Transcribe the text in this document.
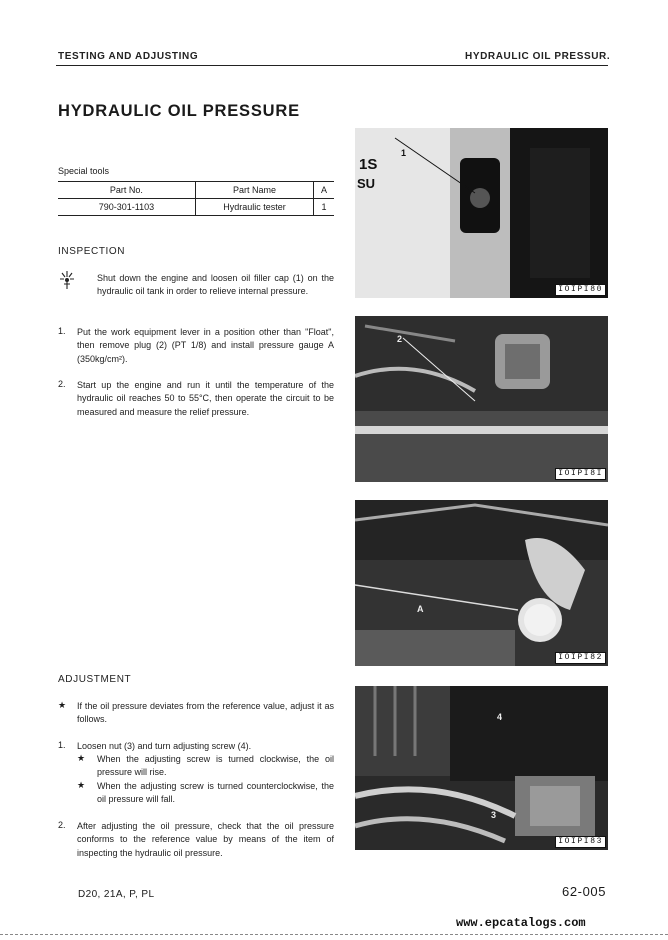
TESTING AND ADJUSTING	HYDRAULIC OIL PRESSUR.
HYDRAULIC OIL PRESSURE
Special tools
Part No.	Part Name	A
790-301-1103	Hydraulic tester	1
INSPECTION
Shut down the engine and loosen oil filler cap (1) on the hydraulic oil tank in order to relieve internal pressure.
1. Put the work equipment lever in a position other than "Float", then remove plug (2) (PT 1/8) and install pressure gauge A (350kg/cm²).
2. Start up the engine and run it until the temperature of the hydraulic oil reaches 50 to 55°C, then operate the circuit to be measured and measure the relief pressure.
ADJUSTMENT
★ If the oil pressure deviates from the reference value, adjust it as follows.
1. Loosen nut (3) and turn adjusting screw (4).
★ When the adjusting screw is turned clockwise, the oil pressure will rise.
★ When the adjusting screw is turned counterclockwise, the oil pressure will fall.
2. After adjusting the oil pressure, check that the oil pressure conforms to the reference value by means of the item of inspecting the hydraulic oil pressure.
1S
SU
1
IOIPI80
2
IOIPI8I
A
IOIPI82
4
3
IOIPI83
D20, 21A, P, PL	62-005
www.epcatalogs.com
